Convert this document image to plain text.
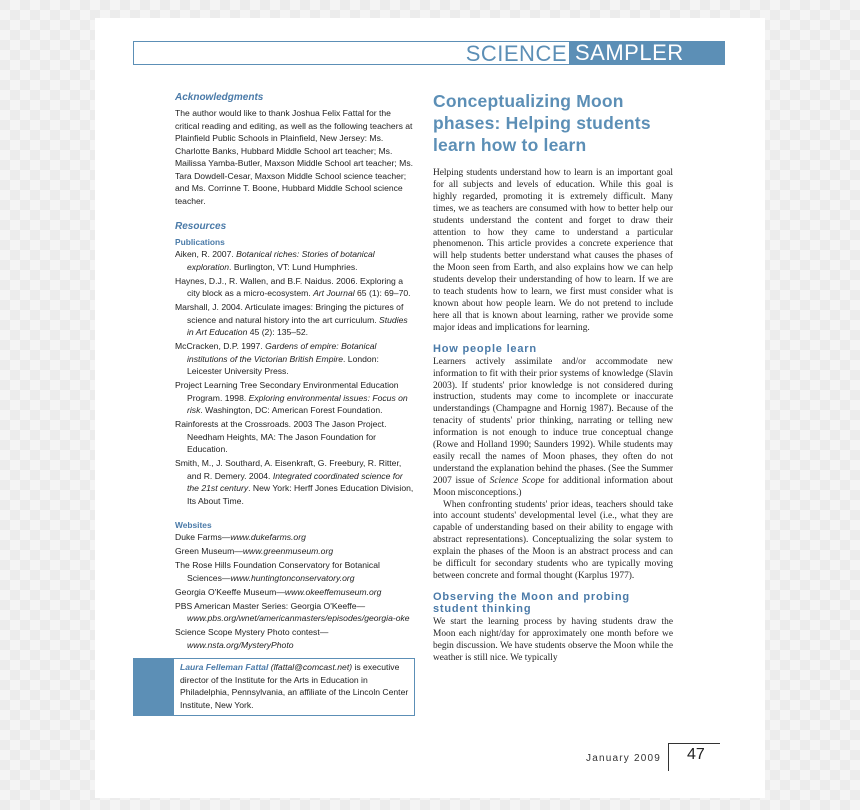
SCIENCE SAMPLER
Acknowledgments

The author would like to thank Joshua Felix Fattal for the critical reading and editing, as well as the following teachers at Plainfield Public Schools in Plainfield, New Jersey: Ms. Charlotte Banks, Hubbard Middle School art teacher; Ms. Mailissa Yamba-Butler, Maxson Middle School art teacher; Ms. Tara Dowdell-Cesar, Maxson Middle School science teacher; and Ms. Corrinne T. Boone, Hubbard Middle School science teacher.

Resources
Publications
Aiken, R. 2007. Botanical riches: Stories of botanical exploration. Burlington, VT: Lund Humphries.
Haynes, D.J., R. Wallen, and B.F. Naidus. 2006. Exploring a city block as a micro-ecosystem. Art Journal 65 (1): 69–70.
Marshall, J. 2004. Articulate images: Bringing the pictures of science and natural history into the art curriculum. Studies in Art Education 45 (2): 135–52.
McCracken, D.P. 1997. Gardens of empire: Botanical institutions of the Victorian British Empire. London: Leicester University Press.
Project Learning Tree Secondary Environmental Education Program. 1998. Exploring environmental issues: Focus on risk. Washington, DC: American Forest Foundation.
Rainforests at the Crossroads. 2003 The Jason Project. Needham Heights, MA: The Jason Foundation for Education.
Smith, M., J. Southard, A. Eisenkraft, G. Freebury, R. Ritter, and R. Demery. 2004. Integrated coordinated science for the 21st century. New York: Herff Jones Education Division, Its About Time.
Websites
Duke Farms—www.dukefarms.org
Green Museum—www.greenmuseum.org
The Rose Hills Foundation Conservatory for Botanical Sciences—www.huntingtonconservatory.org
Georgia O'Keeffe Museum—www.okeeffemuseum.org
PBS American Master Series: Georgia O'Keeffe—www.pbs.org/wnet/americanmasters/episodes/georgia-oke
Science Scope Mystery Photo contest—www.nsta.org/MysteryPhoto
Laura Felleman Fattal (lfattal@comcast.net) is executive director of the Institute for the Arts in Education in Philadelphia, Pennsylvania, an affiliate of the Lincoln Center Institute, New York.
Conceptualizing Moon phases: Helping students learn how to learn

Helping students understand how to learn is an important goal for all subjects and levels of education. While this goal is highly regarded, promoting it is extremely difficult. Many times, we as teachers are consumed with how to better help our students understand the content and forget to draw their attention to how they came to understand a particular phenomenon. This article provides a concrete experience that will help students better understand what causes the phases of the Moon seen from Earth, and also explains how we can help students develop their understanding of how to learn. If we are to teach students how to learn, we first must consider what is known about how people learn. We do not pretend to include here all that is known about learning, rather we provide some major ideas and implications for learning.

How people learn

Learners actively assimilate and/or accommodate new information to fit with their prior systems of knowledge (Slavin 2003). If students' prior knowledge is not considered during instruction, students may come to incomplete or inaccurate understandings (Champagne and Hornig 1987). Because of the tenacity of students' prior thinking, narrating or telling new information is not enough to induce true conceptual change (Rowe and Holland 1990; Saunders 1992). While students may easily recall the names of Moon phases, they often do not understand the explanation behind the phases. (See the Summer 2007 issue of Science Scope for additional information about Moon misconceptions.)

When confronting students' prior ideas, teachers should take into account students' developmental level (i.e., what they are capable of understanding based on their ability to engage with abstract representations). Conceptualizing the solar system to explain the phases of the Moon is an abstract process and can be difficult for secondary students who are typically moving between concrete and formal thought (Karplus 1977).

Observing the Moon and probing student thinking

We start the learning process by having students draw the Moon each night/day for approximately one month before we begin discussion. We have students observe the Moon while the weather is still nice. We typically

January 2009 47
